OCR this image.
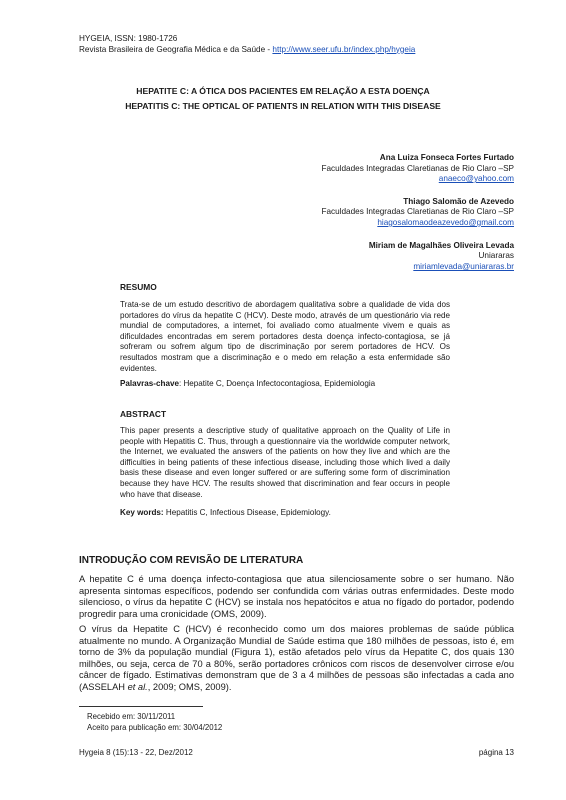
HYGEIA, ISSN: 1980-1726
Revista Brasileira de Geografia Médica e da Saúde - http://www.seer.ufu.br/index.php/hygeia
HEPATITE C: A ÓTICA DOS PACIENTES EM RELAÇÃO A ESTA DOENÇA
HEPATITIS C: THE OPTICAL OF PATIENTS IN RELATION WITH THIS DISEASE
Ana Luiza Fonseca Fortes Furtado
Faculdades Integradas Claretianas de Rio Claro –SP
anaeco@yahoo.com
Thiago Salomão de Azevedo
Faculdades Integradas Claretianas de Rio Claro –SP
hiagosalomaodeazevedo@gmail.com
Miriam de Magalhães Oliveira Levada
Uniararas
miriamlevada@uniararas.br
RESUMO
Trata-se de um estudo descritivo de abordagem qualitativa sobre a qualidade de vida dos portadores do vírus da hepatite C (HCV). Deste modo, através de um questionário via rede mundial de computadores, a internet, foi avaliado como atualmente vivem e quais as dificuldades encontradas em serem portadores desta doença infecto-contagiosa, se já sofreram ou sofrem algum tipo de discriminação por serem portadores de HCV. Os resultados mostram que a discriminação e o medo em relação a esta enfermidade são evidentes.
Palavras-chave: Hepatite C, Doença Infectocontagiosa, Epidemiologia
ABSTRACT
This paper presents a descriptive study of qualitative approach on the Quality of Life in people with Hepatitis C. Thus, through a questionnaire via the worldwide computer network, the Internet, we evaluated the answers of the patients on how they live and which are the difficulties in being patients of these infectious disease, including those which lived a daily basis these disease and even longer suffered or are suffering some form of discrimination because they have HCV. The results showed that discrimination and fear occurs in people who have that disease.
Key words: Hepatitis C, Infectious Disease, Epidemiology.
INTRODUÇÃO COM REVISÃO DE LITERATURA
A hepatite C é uma doença infecto-contagiosa que atua silenciosamente sobre o ser humano. Não apresenta sintomas específicos, podendo ser confundida com várias outras enfermidades. Deste modo silencioso, o vírus da hepatite C (HCV) se instala nos hepatócitos e atua no fígado do portador, podendo progredir para uma cronicidade (OMS, 2009).
O vírus da Hepatite C (HCV) é reconhecido como um dos maiores problemas de saúde pública atualmente no mundo. A Organização Mundial de Saúde estima que 180 milhões de pessoas, isto é, em torno de 3% da população mundial (Figura 1), estão afetados pelo vírus da Hepatite C, dos quais 130 milhões, ou seja, cerca de 70 a 80%, serão portadores crônicos com riscos de desenvolver cirrose e/ou câncer de fígado. Estimativas demonstram que de 3 a 4 milhões de pessoas são infectadas a cada ano (ASSELAH et al., 2009; OMS, 2009).
Recebido em: 30/11/2011
Aceito para publicação em: 30/04/2012
Hygeia 8 (15):13 - 22, Dez/2012	página 13
